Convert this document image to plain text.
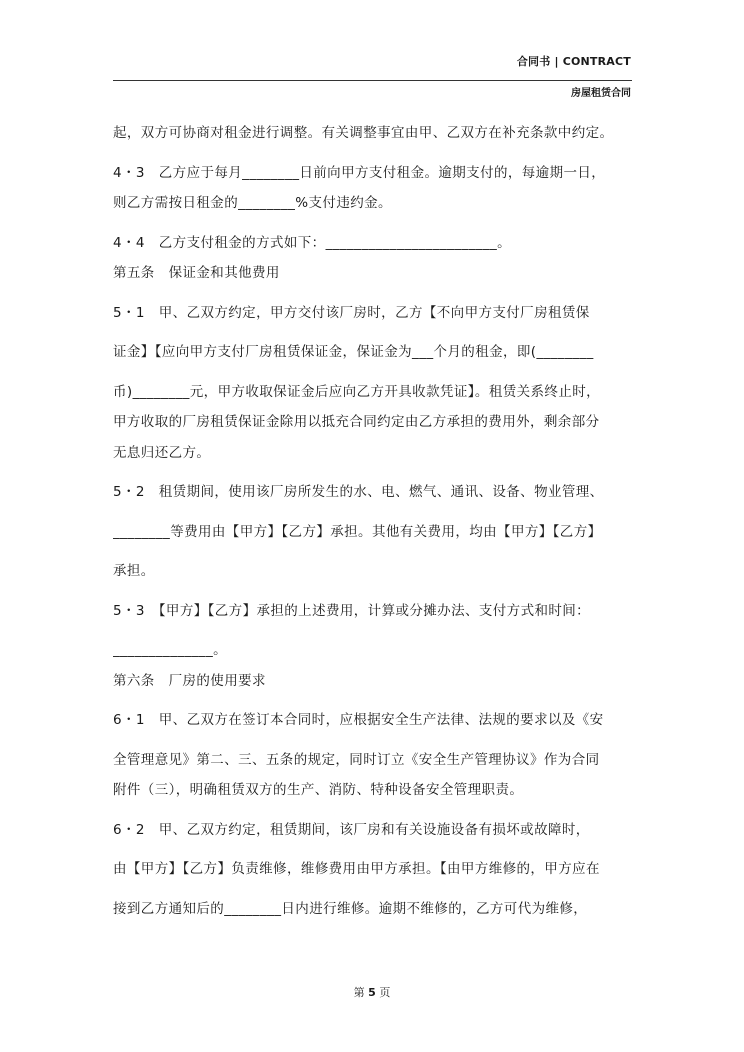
合同书 | CONTRACT
房屋租赁合同

起，双方可协商对租金进行调整。有关调整事宜由甲、乙双方在补充条款中约定。

4・3　乙方应于每月________日前向甲方支付租金。逾期支付的，每逾期一日，

则乙方需按日租金的________%支付违约金。

4・4　乙方支付租金的方式如下：________________________。

第五条　保证金和其他费用

5・1　甲、乙双方约定，甲方交付该厂房时，乙方【不向甲方支付厂房租赁保

证金】【应向甲方支付厂房租赁保证金，保证金为___个月的租金，即(________

币)________元，甲方收取保证金后应向乙方开具收款凭证】。租赁关系终止时，

甲方收取的厂房租赁保证金除用以抵充合同约定由乙方承担的费用外，剩余部分

无息归还乙方。

5・2　租赁期间，使用该厂房所发生的水、电、燃气、通讯、设备、物业管理、

________等费用由【甲方】【乙方】承担。其他有关费用，均由【甲方】【乙方】

承担。

5・3　【甲方】【乙方】承担的上述费用，计算或分摊办法、支付方式和时间：

______________。

第六条　厂房的使用要求

6・1　甲、乙双方在签订本合同时，应根据安全生产法律、法规的要求以及《安

全管理意见》第二、三、五条的规定，同时订立《安全生产管理协议》作为合同

附件（三），明确租赁双方的生产、消防、特种设备安全管理职责。

6・2　甲、乙双方约定，租赁期间，该厂房和有关设施设备有损坏或故障时，

由【甲方】【乙方】负责维修，维修费用由甲方承担。【由甲方维修的，甲方应在

接到乙方通知后的________日内进行维修。逾期不维修的，乙方可代为维修，

第 5 页
